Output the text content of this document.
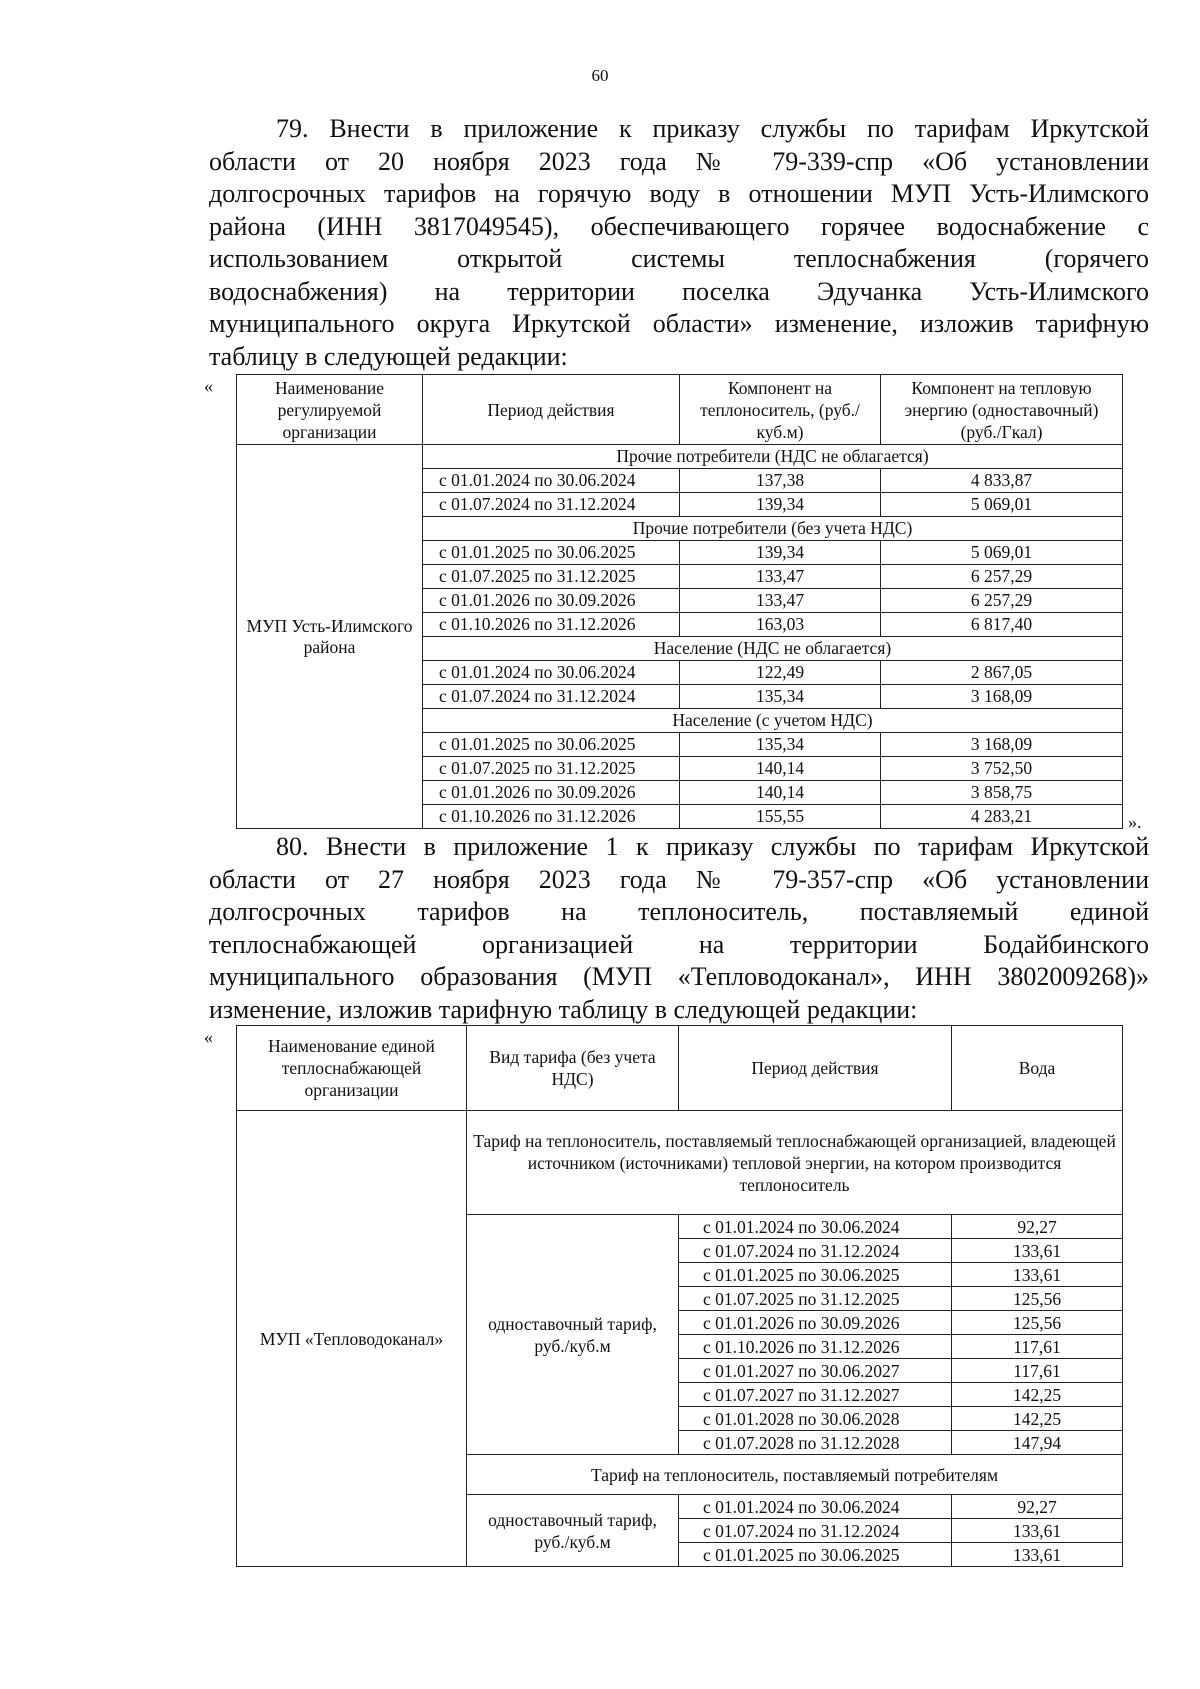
60
79. Внести в приложение к приказу службы по тарифам Иркутской
области от 20 ноября 2023 года № 79-339-спр «Об установлении
долгосрочных тарифов на горячую воду в отношении МУП Усть-Илимского
района (ИНН 3817049545), обеспечивающего горячее водоснабжение с
использованием открытой системы теплоснабжения (горячего
водоснабжения) на территории поселка Эдучанка Усть-Илимского
муниципального округа Иркутской области» изменение, изложив тарифную
таблицу в следующей редакции:
«	Наименование регулируемой организации	Период действия	Компонент на теплоноситель, (руб./куб.м)	Компонент на тепловую энергию (одноставочный) (руб./Гкал)
МУП Усть-Илимского района	Прочие потребители (НДС не облагается)		
	с 01.01.2024 по 30.06.2024	137,38	4 833,87
	с 01.07.2024 по 31.12.2024	139,34	5 069,01
	Прочие потребители (без учета НДС)		
	с 01.01.2025 по 30.06.2025	139,34	5 069,01
	с 01.07.2025 по 31.12.2025	133,47	6 257,29
	с 01.01.2026 по 30.09.2026	133,47	6 257,29
	с 01.10.2026 по 31.12.2026	163,03	6 817,40
	Население (НДС не облагается)		
	с 01.01.2024 по 30.06.2024	122,49	2 867,05
	с 01.07.2024 по 31.12.2024	135,34	3 168,09
	Население (с учетом НДС)		
	с 01.01.2025 по 30.06.2025	135,34	3 168,09
	с 01.07.2025 по 31.12.2025	140,14	3 752,50
	с 01.01.2026 по 30.09.2026	140,14	3 858,75
	с 01.10.2026 по 31.12.2026	155,55	4 283,21	».
80. Внести в приложение 1 к приказу службы по тарифам Иркутской
области от 27 ноября 2023 года № 79-357-спр «Об установлении
долгосрочных тарифов на теплоноситель, поставляемый единой
теплоснабжающей организацией на территории Бодайбинского
муниципального образования (МУП «Тепловодоканал», ИНН 3802009268)»
изменение, изложив тарифную таблицу в следующей редакции:
«	Наименование единой теплоснабжающей организации	Вид тарифа (без учета НДС)	Период действия	Вода
МУП «Тепловодоканал»	Тариф на теплоноситель, поставляемый теплоснабжающей организацией, владеющей источником (источниками) тепловой энергии, на котором производится теплоноситель		
	одноставочный тариф, руб./куб.м	с 01.01.2024 по 30.06.2024	92,27
		с 01.07.2024 по 31.12.2024	133,61
		с 01.01.2025 по 30.06.2025	133,61
		с 01.07.2025 по 31.12.2025	125,56
		с 01.01.2026 по 30.09.2026	125,56
		с 01.10.2026 по 31.12.2026	117,61
		с 01.01.2027 по 30.06.2027	117,61
		с 01.07.2027 по 31.12.2027	142,25
		с 01.01.2028 по 30.06.2028	142,25
		с 01.07.2028 по 31.12.2028	147,94
	Тариф на теплоноситель, поставляемый потребителям		
	одноставочный тариф, руб./куб.м	с 01.01.2024 по 30.06.2024	92,27
		с 01.07.2024 по 31.12.2024	133,61
		с 01.01.2025 по 30.06.2025	133,61
